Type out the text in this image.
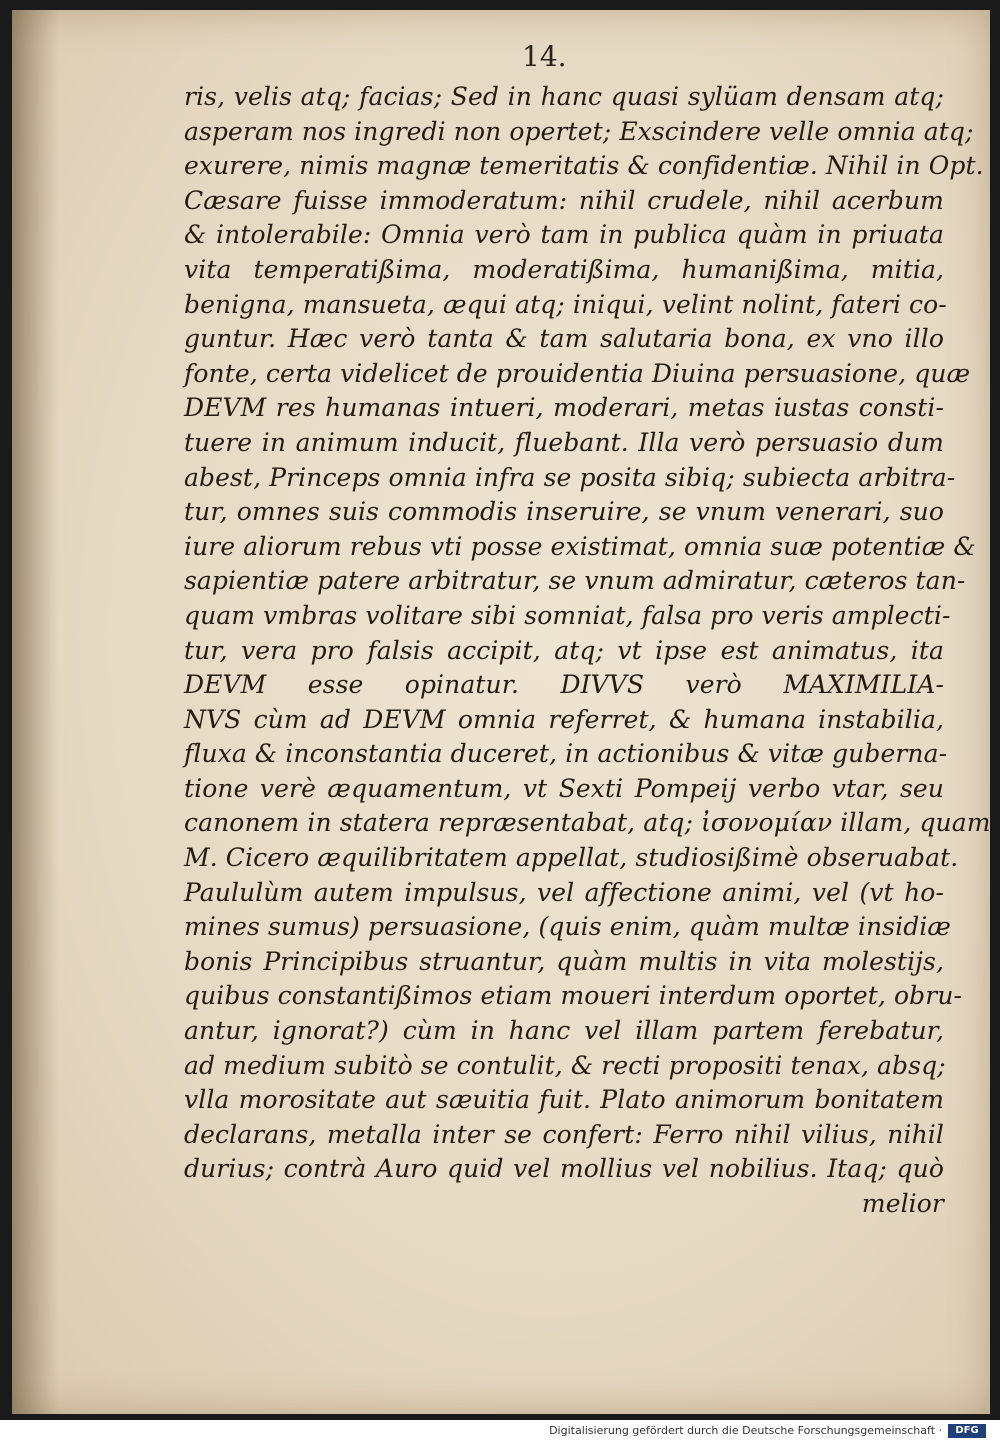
14.
ris, velis atq; facias; Sed in hanc quasi sylüam densam atq;
asperam nos ingredi non opertet; Exscindere velle omnia atq;
exurere, nimis magnæ temeritatis & confidentiæ. Nihil in Opt.
Cæsare fuisse immoderatum: nihil crudele, nihil acerbum
& intolerabile: Omnia verò tam in publica quàm in priuata
vita temperatißima, moderatißima, humanißima, mitia,
benigna, mansueta, æqui atq; iniqui, velint nolint, fateri co-
guntur. Hæc verò tanta & tam salutaria bona, ex vno illo
fonte, certa videlicet de prouidentia Diuina persuasione, quæ
DEVM res humanas intueri, moderari, metas iustas consti-
tuere in animum inducit, fluebant. Illa verò persuasio dum
abest, Princeps omnia infra se posita sibiq; subiecta arbitra-
tur, omnes suis commodis inseruire, se vnum venerari, suo
iure aliorum rebus vti posse existimat, omnia suæ potentiæ &
sapientiæ patere arbitratur, se vnum admiratur, cæteros tan-
quam vmbras volitare sibi somniat, falsa pro veris amplecti-
tur, vera pro falsis accipit, atq; vt ipse est animatus, ita
DEVM esse opinatur. DIVVS verò MAXIMILIA-
NVS cùm ad DEVM omnia referret, & humana instabilia,
fluxa & inconstantia duceret, in actionibus & vitæ guberna-
tione verè æquamentum, vt Sexti Pompeij verbo vtar, seu
canonem in statera repræsentabat, atq; ἰσονομίαν illam, quam
M. Cicero æquilibritatem appellat, studiosißimè obseruabat.
Paululùm autem impulsus, vel affectione animi, vel (vt ho-
mines sumus) persuasione, (quis enim, quàm multæ insidiæ
bonis Principibus struantur, quàm multis in vita molestijs,
quibus constantißimos etiam moueri interdum oportet, obru-
antur, ignorat?) cùm in hanc vel illam partem ferebatur,
ad medium subitò se contulit, & recti propositi tenax, absq;
vlla morositate aut sæuitia fuit. Plato animorum bonitatem
declarans, metalla inter se confert: Ferro nihil vilius, nihil
durius; contrà Auro quid vel mollius vel nobilius. Itaq; quò
melior
Digitalisierung gefördert durch die Deutsche Forschungsgemeinschaft ·	DFG
